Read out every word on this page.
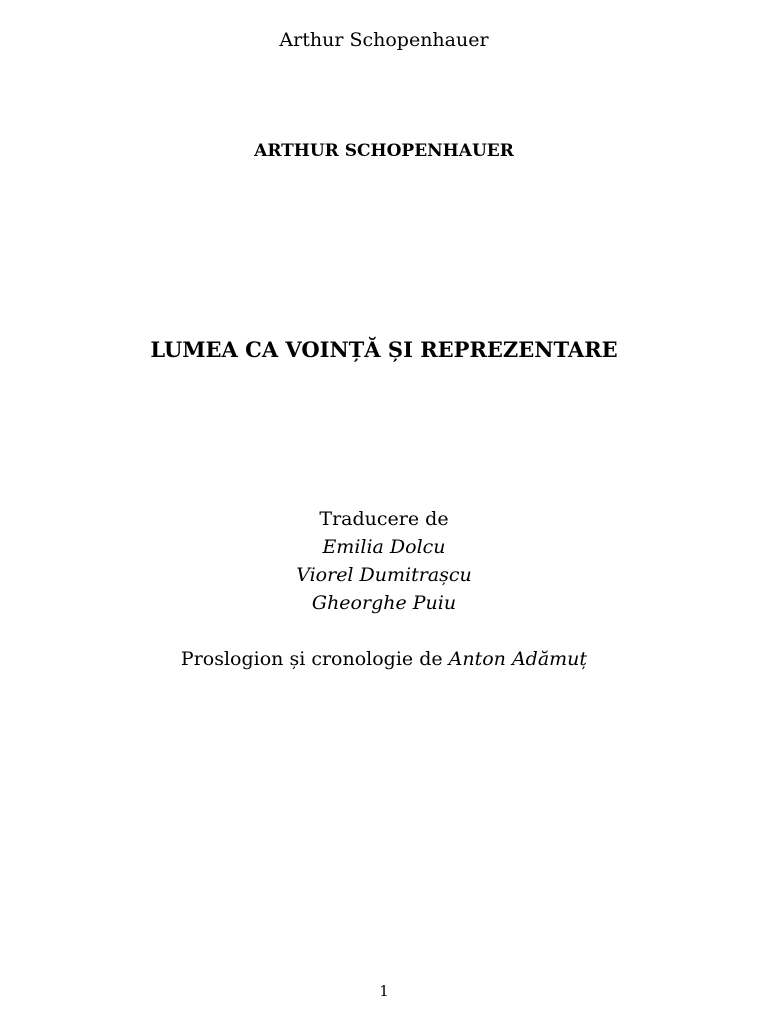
Arthur Schopenhauer
ARTHUR SCHOPENHAUER
LUMEA CA VOINȚĂ ȘI REPREZENTARE
Traducere de
Emilia Dolcu
Viorel Dumitrașcu
Gheorghe Puiu
Proslogion și cronologie de Anton Adămuț
1
